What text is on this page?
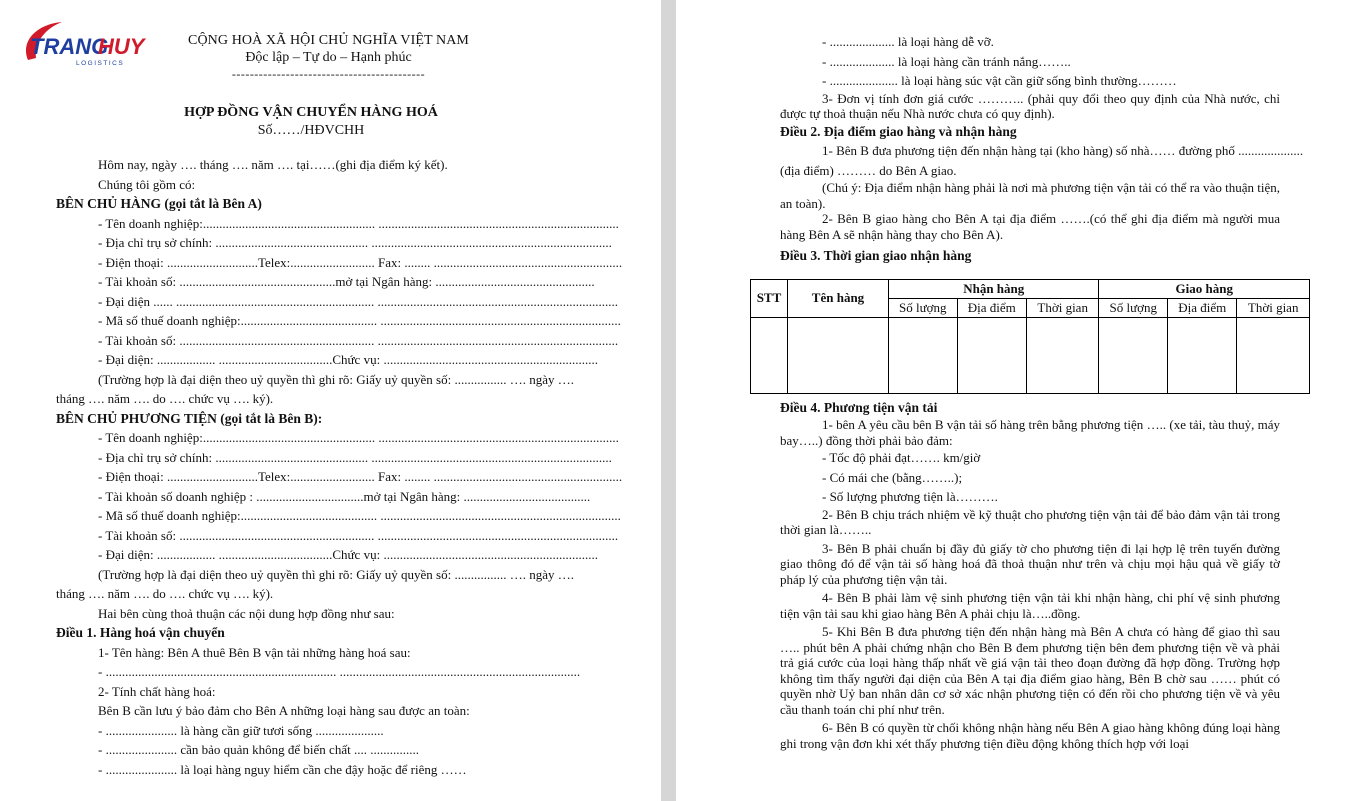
TRANG
HUY
LOGISTICS
CỘNG HOÀ XÃ HỘI CHỦ NGHĨA VIỆT NAM
Độc lập – Tự do – Hạnh phúc
-------------------------------------------
HỢP ĐỒNG VẬN CHUYỂN HÀNG HOÁ
Số……/HĐVCHH

Hôm nay, ngày …. tháng …. năm …. tại……(ghi địa điểm ký kết).

Chúng tôi gồm có:

BÊN CHỦ HÀNG (gọi tắt là Bên A)

- Tên doanh nghiệp:..................................................... ..........................................................................

- Địa chỉ trụ sở chính: ............................................... ..........................................................................

- Điện thoại: ............................Telex:.......................... Fax: ........ ..........................................................

- Tài khoản số: ................................................mở tại Ngân hàng: .................................................

- Đại diện ...... ............................................................. ..........................................................................

- Mã số thuế doanh nghiệp:.......................................... ..........................................................................

- Tài khoản số: ............................................................ ..........................................................................

- Đại diện: .................. ...................................Chức vụ: ..................................................................

(Trường hợp là đại diện theo uỷ quyền thì ghi rõ: Giấy uỷ quyền số: ................ …. ngày ….

tháng …. năm …. do …. chức vụ …. ký).

BÊN CHỦ PHƯƠNG TIỆN (gọi tắt là Bên B):

- Tên doanh nghiệp:..................................................... ..........................................................................

- Địa chỉ trụ sở chính: ............................................... ..........................................................................

- Điện thoại: ............................Telex:.......................... Fax: ........ ..........................................................

- Tài khoản số doanh nghiệp : .................................mở tại Ngân hàng: .......................................

- Mã số thuế doanh nghiệp:.......................................... ..........................................................................

- Tài khoản số: ............................................................ ..........................................................................

- Đại diện: .................. ...................................Chức vụ: ..................................................................

(Trường hợp là đại diện theo uỷ quyền thì ghi rõ: Giấy uỷ quyền số: ................ …. ngày ….

tháng …. năm …. do …. chức vụ …. ký).

Hai bên cùng thoả thuận các nội dung hợp đồng như sau:

Điều 1. Hàng hoá vận chuyển

1- Tên hàng: Bên A thuê Bên B vận tải những hàng hoá sau:

- ....................................................................... ..........................................................................

2- Tính chất hàng hoá:

Bên B cần lưu ý bảo đảm cho Bên A những loại hàng sau được an toàn:

- ...................... là hàng cần giữ tươi sống .....................

- ...................... cần bảo quản không để biến chất .... ...............

- ...................... là loại hàng nguy hiểm cần che đậy hoặc để riêng ……

- .................... là loại hàng dễ vỡ.

- .................... là loại hàng cần tránh nắng……..

- ..................... là loại hàng súc vật cần giữ sống bình thường………

3- Đơn vị tính đơn giá cước ……….. (phải quy đổi theo quy định của Nhà nước, chỉ được tự thoả thuận nếu Nhà nước chưa có quy định).

Điều 2. Địa điểm giao hàng và nhận hàng

1- Bên B đưa phương tiện đến nhận hàng tại (kho hàng) số nhà…… đường phố ....................

(địa điểm) ……… do Bên A giao.

(Chú ý: Địa điểm nhận hàng phải là nơi mà phương tiện vận tải có thể ra vào thuận tiện, an toàn).

2- Bên B giao hàng cho Bên A tại địa điểm …….(có thể ghi địa điểm mà người mua hàng Bên A sẽ nhận hàng thay cho Bên A).

Điều 3. Thời gian giao nhận hàng

STT	Tên hàng	Nhận hàng			Giao hàng		
		Số lượng	Địa điểm	Thời gian	Số lượng	Địa điểm	Thời gian

Điều 4. Phương tiện vận tải

1- bên A yêu cầu bên B vận tải số hàng trên bằng phương tiện ….. (xe tải, tàu thuỷ, máy bay…..) đồng thời phải bảo đảm:

- Tốc độ phải đạt……. km/giờ

- Có mái che (bằng……..);

- Số lượng phương tiện là……….

2- Bên B chịu trách nhiệm về kỹ thuật cho phương tiện vận tải để bảo đảm vận tải trong thời gian là……..

3- Bên B phải chuẩn bị đầy đủ giấy tờ cho phương tiện đi lại hợp lệ trên tuyến đường giao thông đó để vận tải số hàng hoá đã thoả thuận như trên và chịu mọi hậu quả về giấy tờ pháp lý của phương tiện vận tải.

4- Bên B phải làm vệ sinh phương tiện vận tải khi nhận hàng, chi phí vệ sinh phương tiện vận tải sau khi giao hàng Bên A phải chịu là…..đồng.

5- Khi Bên B đưa phương tiện đến nhận hàng mà Bên A chưa có hàng để giao thì sau ….. phút bên A phải chứng nhận cho Bên B đem phương tiện bên đem phương tiện về và phải trả giá cước của loại hàng thấp nhất về giá vận tải theo đoạn đường đã hợp đồng. Trường hợp không tìm thấy người đại diện của Bên A tại địa điểm giao hàng, Bên B chờ sau …… phút có quyền nhờ Uỷ ban nhân dân cơ sở xác nhận phương tiện có đến rồi cho phương tiện về và yêu cầu thanh toán chi phí như trên.

6- Bên B có quyền từ chối không nhận hàng nếu Bên A giao hàng không đúng loại hàng ghi trong vận đơn khi xét thấy phương tiện điều động không thích hợp với loại
